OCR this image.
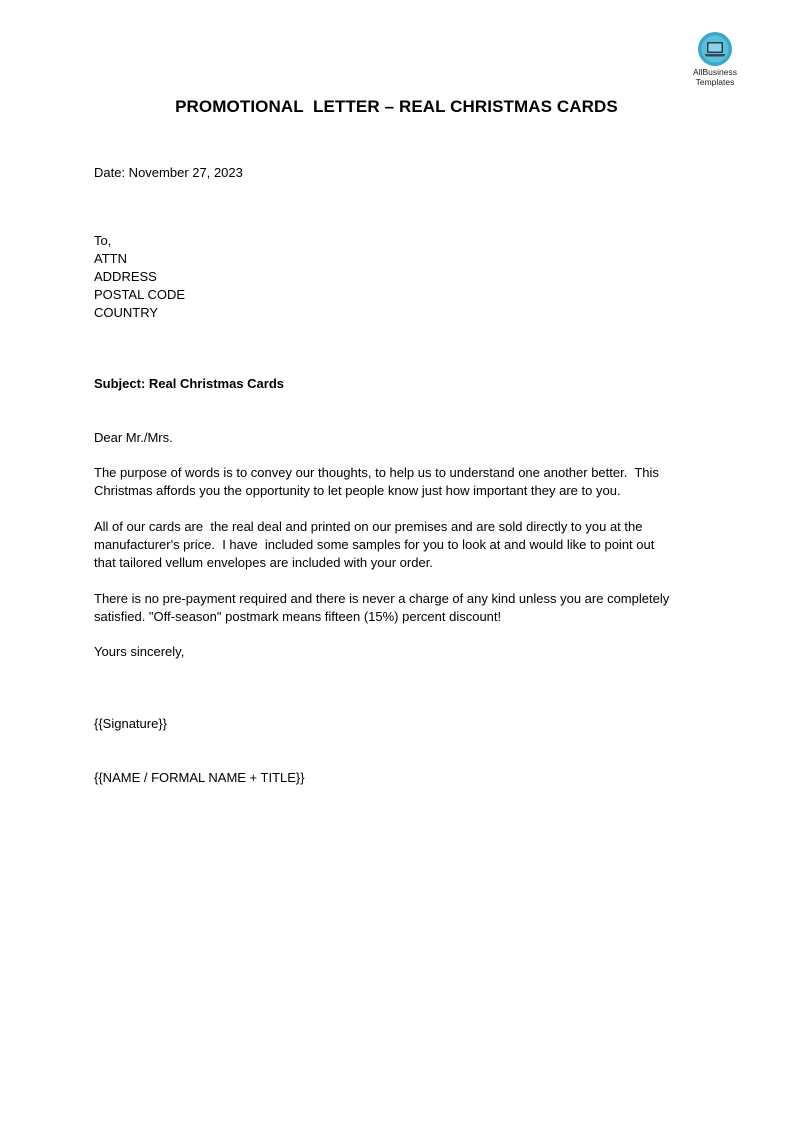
AllBusiness
Templates
PROMOTIONAL  LETTER – REAL CHRISTMAS CARDS
Date: November 27, 2023
To,
ATTN
ADDRESS
POSTAL CODE
COUNTRY
Subject: Real Christmas Cards
Dear Mr./Mrs.
The purpose of words is to convey our thoughts, to help us to understand one another better.  This
Christmas affords you the opportunity to let people know just how important they are to you.
All of our cards are  the real deal and printed on our premises and are sold directly to you at the
manufacturer's price.  I have  included some samples for you to look at and would like to point out
that tailored vellum envelopes are included with your order.
There is no pre-payment required and there is never a charge of any kind unless you are completely
satisfied. "Off-season" postmark means fifteen (15%) percent discount!
Yours sincerely,
{{Signature}}
{{NAME / FORMAL NAME + TITLE}}
